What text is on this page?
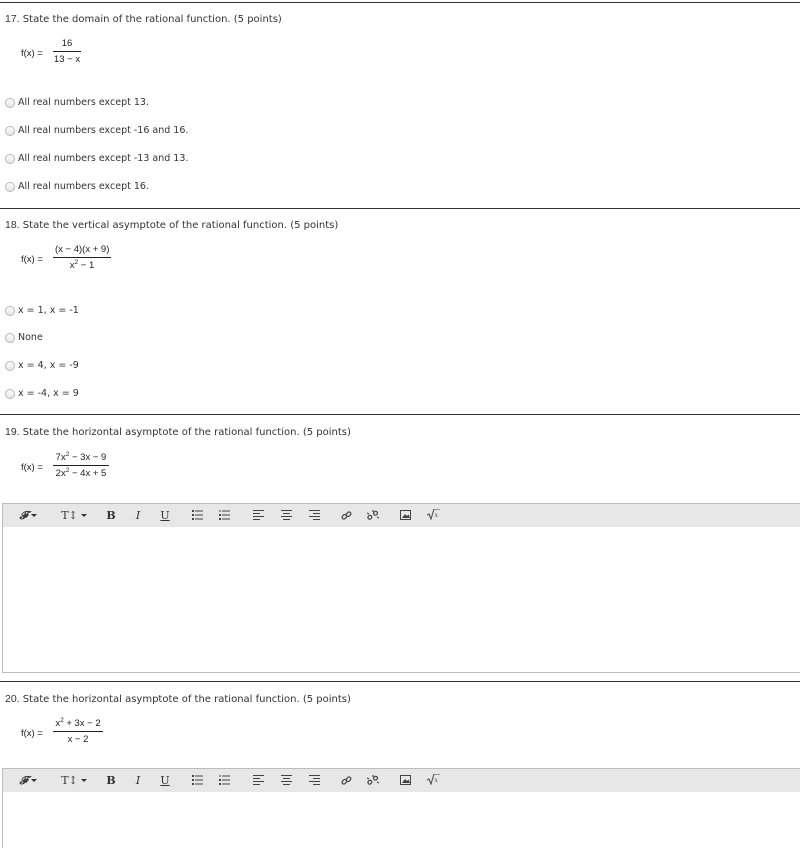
17. State the domain of the rational function. (5 points)
f(x) =
16
13 − x
All real numbers except 13.
All real numbers except -16 and 16.
All real numbers except -13 and 13.
All real numbers except 16.
18. State the vertical asymptote of the rational function. (5 points)
f(x) =
(x − 4)(x + 9)
$x^2 - 1$
x = 1, x = -1
None
x = 4, x = -9
x = -4, x = 9
19. State the horizontal asymptote of the rational function. (5 points)
f(x) =
$7x^2 - 3x - 9$
$2x^2 - 4x + 5$
𝓕	T↕	B	I	U	x
20. State the horizontal asymptote of the rational function. (5 points)
f(x) =
$x^2 + 3x - 2$
x − 2
𝓕	T↕	B	I	U	x
